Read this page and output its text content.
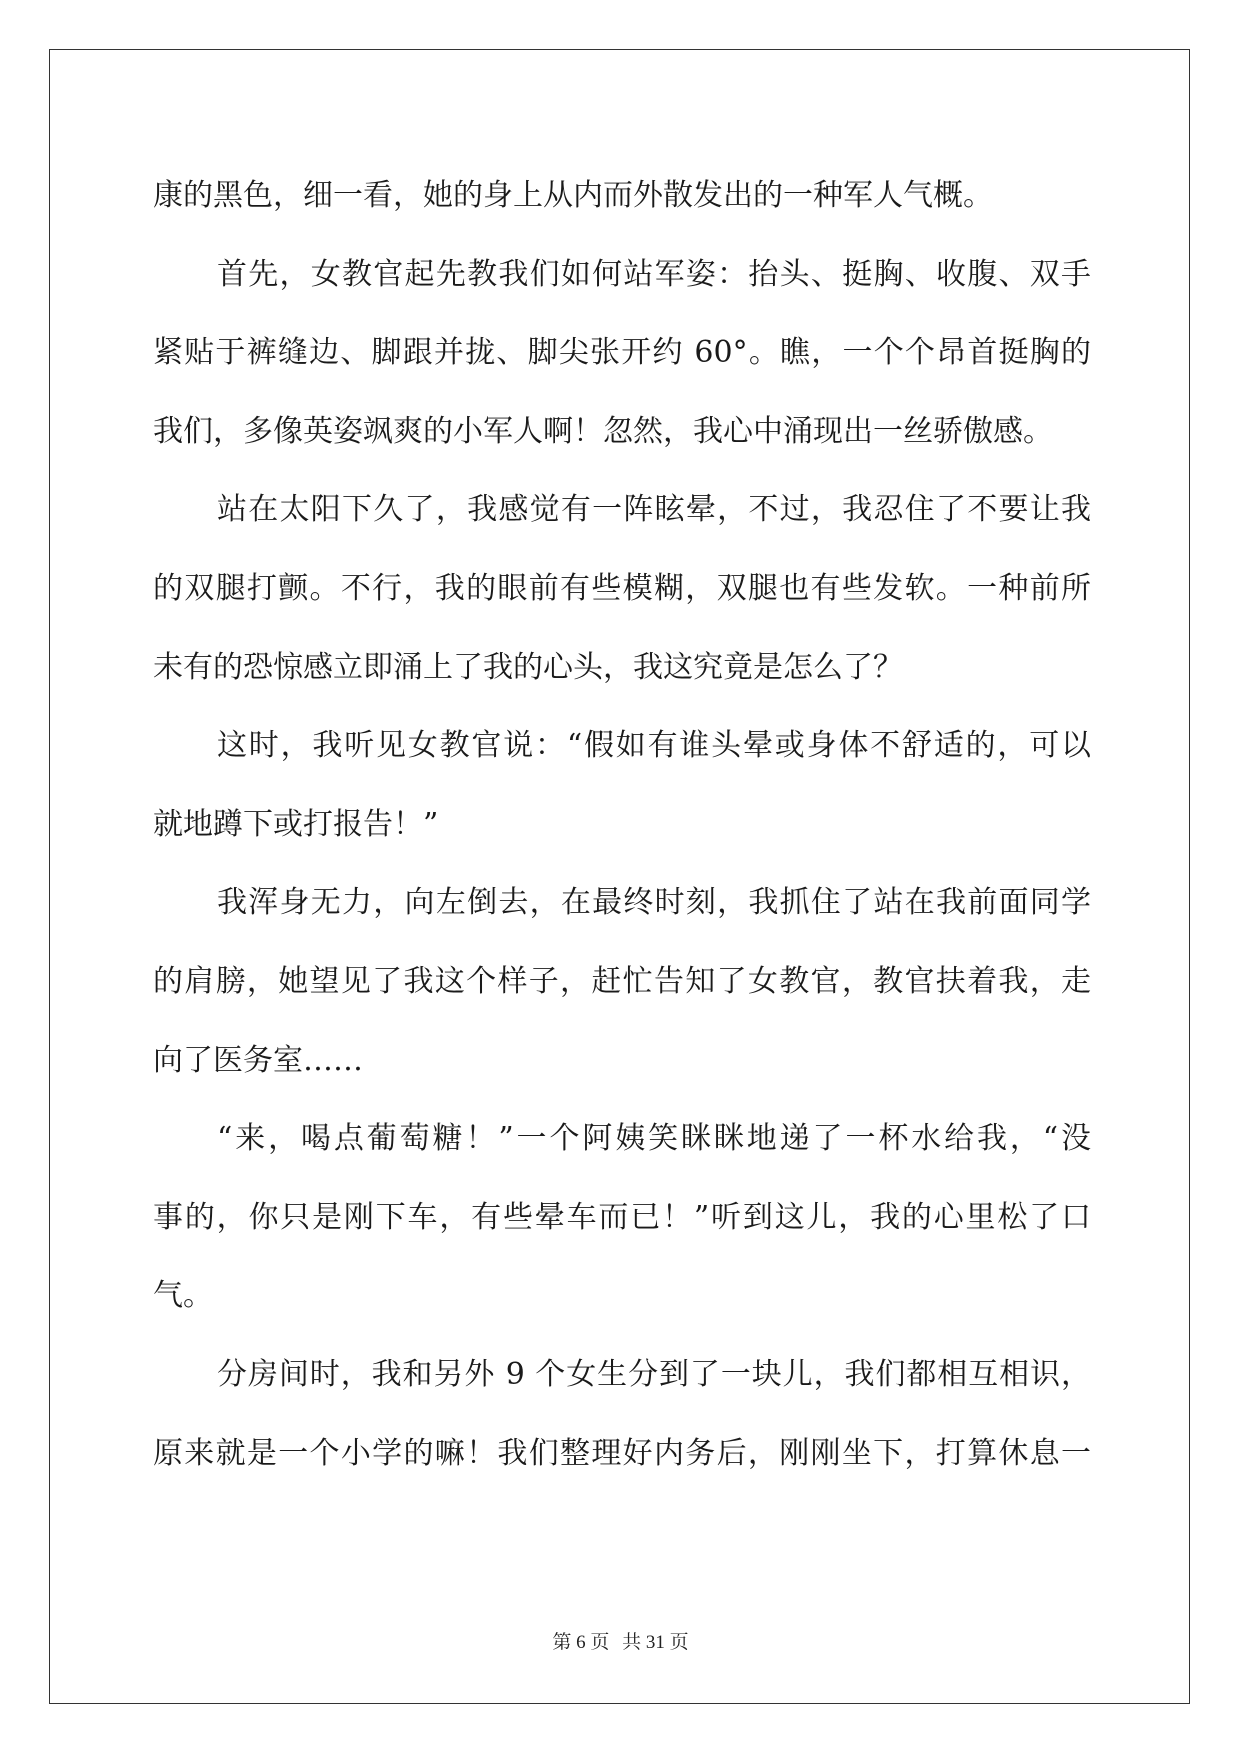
康的黑色，细一看，她的身上从内而外散发出的一种军人气概。
首先，女教官起先教我们如何站军姿：抬头、挺胸、收腹、双手
紧贴于裤缝边、脚跟并拢、脚尖张开约 60°。瞧，一个个昂首挺胸的
我们，多像英姿飒爽的小军人啊！忽然，我心中涌现出一丝骄傲感。
站在太阳下久了，我感觉有一阵眩晕，不过，我忍住了不要让我
的双腿打颤。不行，我的眼前有些模糊，双腿也有些发软。一种前所
未有的恐惊感立即涌上了我的心头，我这究竟是怎么了？
这时，我听见女教官说：“假如有谁头晕或身体不舒适的，可以
就地蹲下或打报告！”
我浑身无力，向左倒去，在最终时刻，我抓住了站在我前面同学
的肩膀，她望见了我这个样子，赶忙告知了女教官，教官扶着我，走
向了医务室……
“来，喝点葡萄糖！”一个阿姨笑眯眯地递了一杯水给我，“没
事的，你只是刚下车，有些晕车而已！”听到这儿，我的心里松了口
气。
分房间时，我和另外 9 个女生分到了一块儿，我们都相互相识，
原来就是一个小学的嘛！我们整理好内务后，刚刚坐下，打算休息一
第 6 页 共 31 页
